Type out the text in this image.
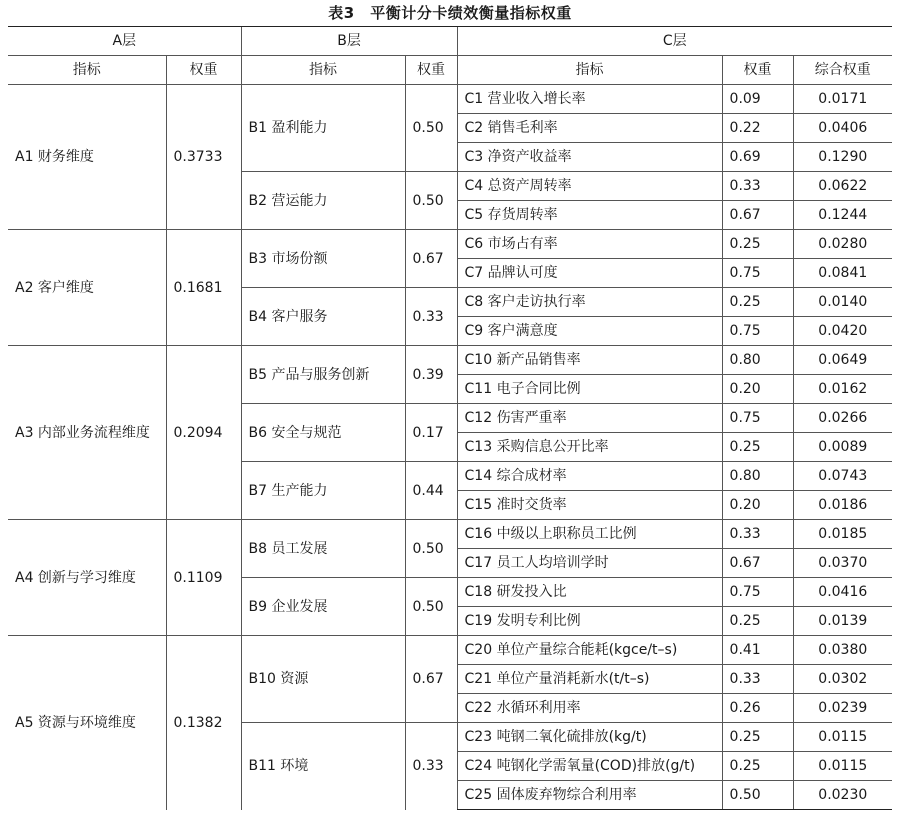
表3　平衡计分卡绩效衡量指标权重
A层		B层		C层		
指标	权重	指标	权重	指标	权重	综合权重
A1 财务维度	0.3733	B1 盈利能力	0.50	C1 营业收入增长率	0.09	0.0171
				C2 销售毛利率	0.22	0.0406
				C3 净资产收益率	0.69	0.1290
		B2 营运能力	0.50	C4 总资产周转率	0.33	0.0622
				C5 存货周转率	0.67	0.1244
A2 客户维度	0.1681	B3 市场份额	0.67	C6 市场占有率	0.25	0.0280
				C7 品牌认可度	0.75	0.0841
		B4 客户服务	0.33	C8 客户走访执行率	0.25	0.0140
				C9 客户满意度	0.75	0.0420
A3 内部业务流程维度	0.2094	B5 产品与服务创新	0.39	C10 新产品销售率	0.80	0.0649
				C11 电子合同比例	0.20	0.0162
		B6 安全与规范	0.17	C12 伤害严重率	0.75	0.0266
				C13 采购信息公开比率	0.25	0.0089
		B7 生产能力	0.44	C14 综合成材率	0.80	0.0743
				C15 准时交货率	0.20	0.0186
A4 创新与学习维度	0.1109	B8 员工发展	0.50	C16 中级以上职称员工比例	0.33	0.0185
				C17 员工人均培训学时	0.67	0.0370
		B9 企业发展	0.50	C18 研发投入比	0.75	0.0416
				C19 发明专利比例	0.25	0.0139
A5 资源与环境维度	0.1382	B10 资源	0.67	C20 单位产量综合能耗(kgce/t–s)	0.41	0.0380
				C21 单位产量消耗新水(t/t–s)	0.33	0.0302
				C22 水循环利用率	0.26	0.0239
		B11 环境	0.33	C23 吨钢二氧化硫排放(kg/t)	0.25	0.0115
				C24 吨钢化学需氧量(COD)排放(g/t)	0.25	0.0115
				C25 固体废弃物综合利用率	0.50	0.0230
